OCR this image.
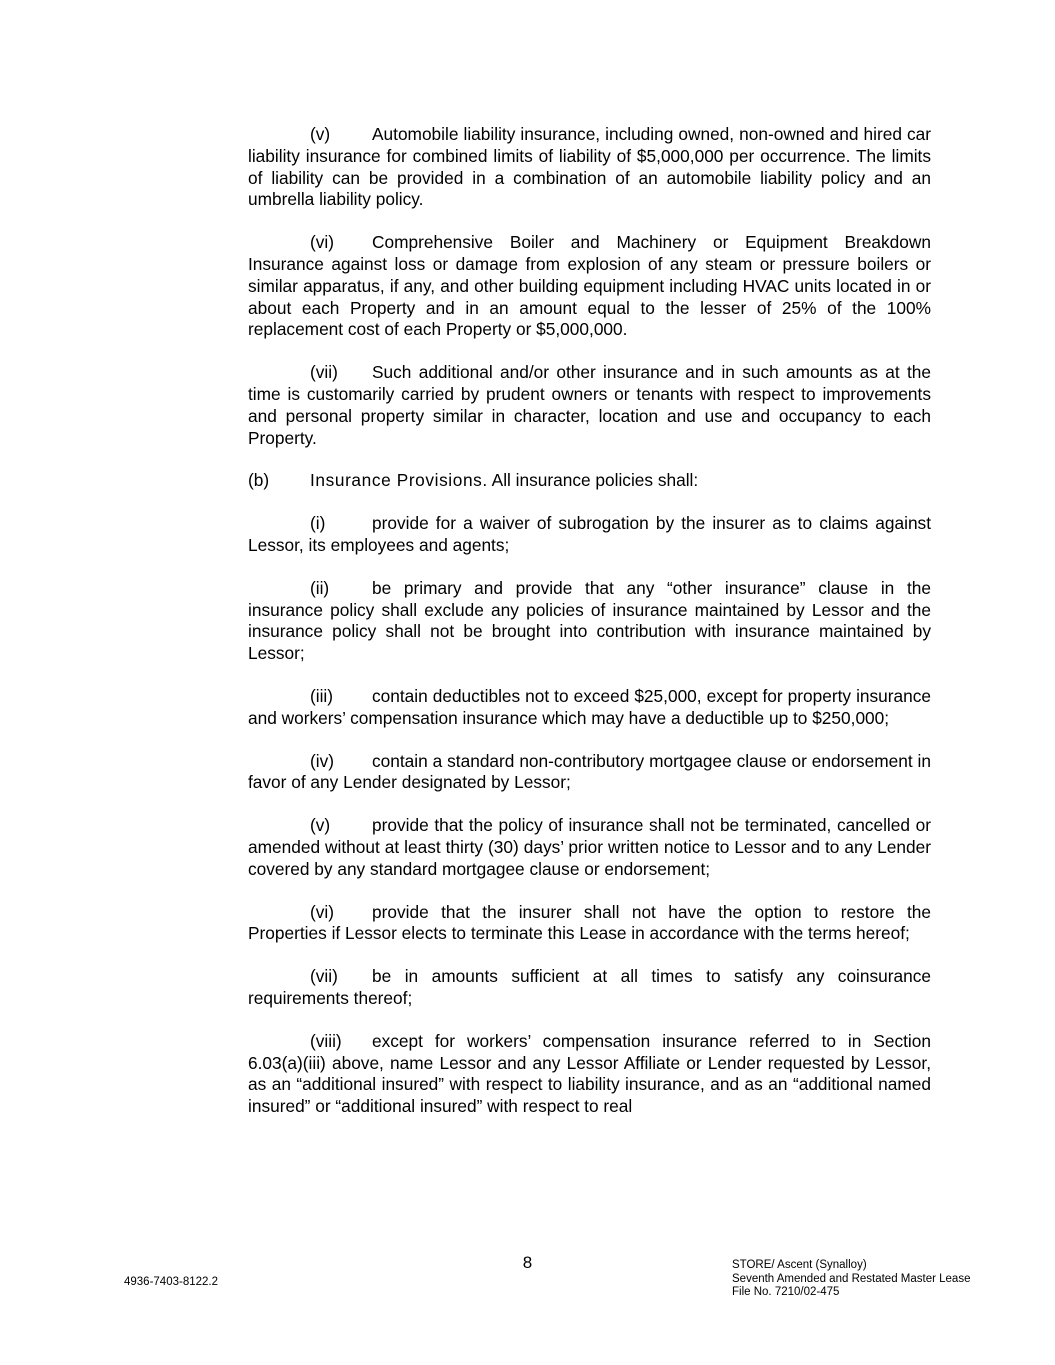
(v) Automobile liability insurance, including owned, non-owned and hired car liability insurance for combined limits of liability of $5,000,000 per occurrence. The limits of liability can be provided in a combination of an automobile liability policy and an umbrella liability policy.

(vi) Comprehensive Boiler and Machinery or Equipment Breakdown Insurance against loss or damage from explosion of any steam or pressure boilers or similar apparatus, if any, and other building equipment including HVAC units located in or about each Property and in an amount equal to the lesser of 25% of the 100% replacement cost of each Property or $5,000,000.

(vii) Such additional and/or other insurance and in such amounts as at the time is customarily carried by prudent owners or tenants with respect to improvements and personal property similar in character, location and use and occupancy to each Property.

(b) Insurance Provisions. All insurance policies shall:

(i)	provide for a waiver of subrogation by the insurer as to claims against Lessor, its employees and agents;

(ii) be primary and provide that any “other insurance” clause in the insurance policy shall exclude any policies of insurance maintained by Lessor and the insurance policy shall not be brought into contribution with insurance maintained by Lessor;

(iii) contain deductibles not to exceed $25,000, except for property insurance and workers’ compensation insurance which may have a deductible up to $250,000;

(iv) contain a standard non-contributory mortgagee clause or endorsement in favor of any Lender designated by Lessor;

(v) provide that the policy of insurance shall not be terminated, cancelled or amended without at least thirty (30) days’ prior written notice to Lessor and to any Lender covered by any standard mortgagee clause or endorsement;

(vi) provide that the insurer shall not have the option to restore the Properties if Lessor elects to terminate this Lease in accordance with the terms hereof;

(vii) be in amounts sufficient at all times to satisfy any coinsurance requirements thereof;

(viii) except for workers’ compensation insurance referred to in Section 6.03(a)(iii) above, name Lessor and any Lessor Affiliate or Lender requested by Lessor, as an “additional insured” with respect to liability insurance, and as an “additional named insured” or “additional insured” with respect to real

8
4936-7403-8122.2
STORE/ Ascent (Synalloy)
Seventh Amended and Restated Master Lease
File No. 7210/02-475
